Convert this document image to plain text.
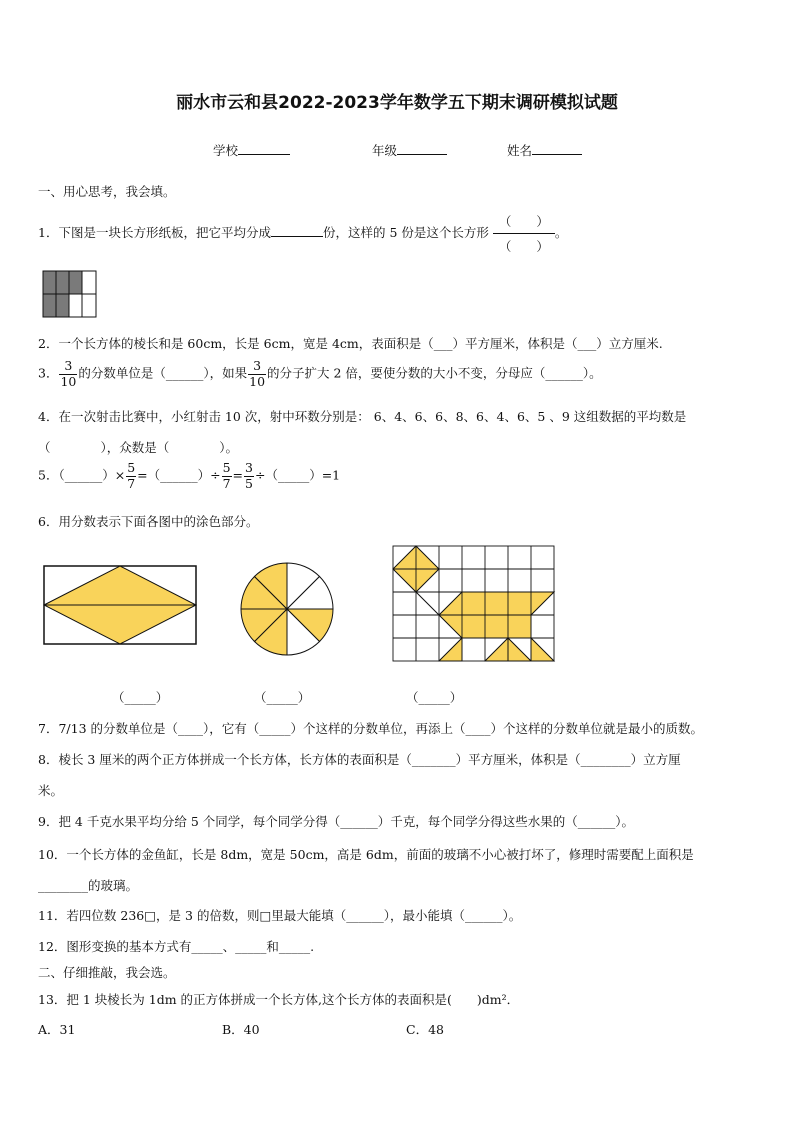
丽水市云和县2022-2023学年数学五下期末调研模拟试题
学校	年级	姓名
一、用心思考，我会填。
1．下图是一块长方形纸板，把它平均分成	份，这样的 5 份是这个长方形
（　　）
（　　）
。
2．一个长方体的棱长和是 60cm，长是 6cm，宽是 4cm，表面积是（___）平方厘米，体积是（___）立方厘米.
3． $\frac{3}{10}$ 的分数单位是（______），如果 $\frac{3}{10}$ 的分子扩大 2 倍，要使分数的大小不变，分母应（______）。
4．在一次射击比赛中，小红射击 10 次，射中环数分别是： 6、4、6、6、8、6、4、6、5 、9 这组数据的平均数是
（　　　　），众数是（　　　　）。
5．（______）× $\frac{5}{7}$ =（______）÷ $\frac{5}{7} = \frac{3}{5}$ ÷（_____）=1
6．用分数表示下面各图中的涂色部分。
（_____）	（_____）	（_____）
7．7/13 的分数单位是（____），它有（_____）个这样的分数单位，再添上（____）个这样的分数单位就是最小的质数。
8．棱长 3 厘米的两个正方体拼成一个长方体，长方体的表面积是（_______）平方厘米，体积是（________）立方厘
米。
9．把 4 千克水果平均分给 5 个同学，每个同学分得（______）千克，每个同学分得这些水果的（______）。
10．一个长方体的金鱼缸，长是 8dm，宽是 50cm，高是 6dm，前面的玻璃不小心被打坏了，修理时需要配上面积是
________的玻璃。
11．若四位数 236□，是 3 的倍数，则□里最大能填（______），最小能填（______）。
12．图形变换的基本方式有_____、_____和_____.
二、仔细推敲，我会选。
13．把 1 块棱长为 1dm 的正方体拼成一个长方体,这个长方体的表面积是(　　)dm²．
A．31	B．40	C．48
